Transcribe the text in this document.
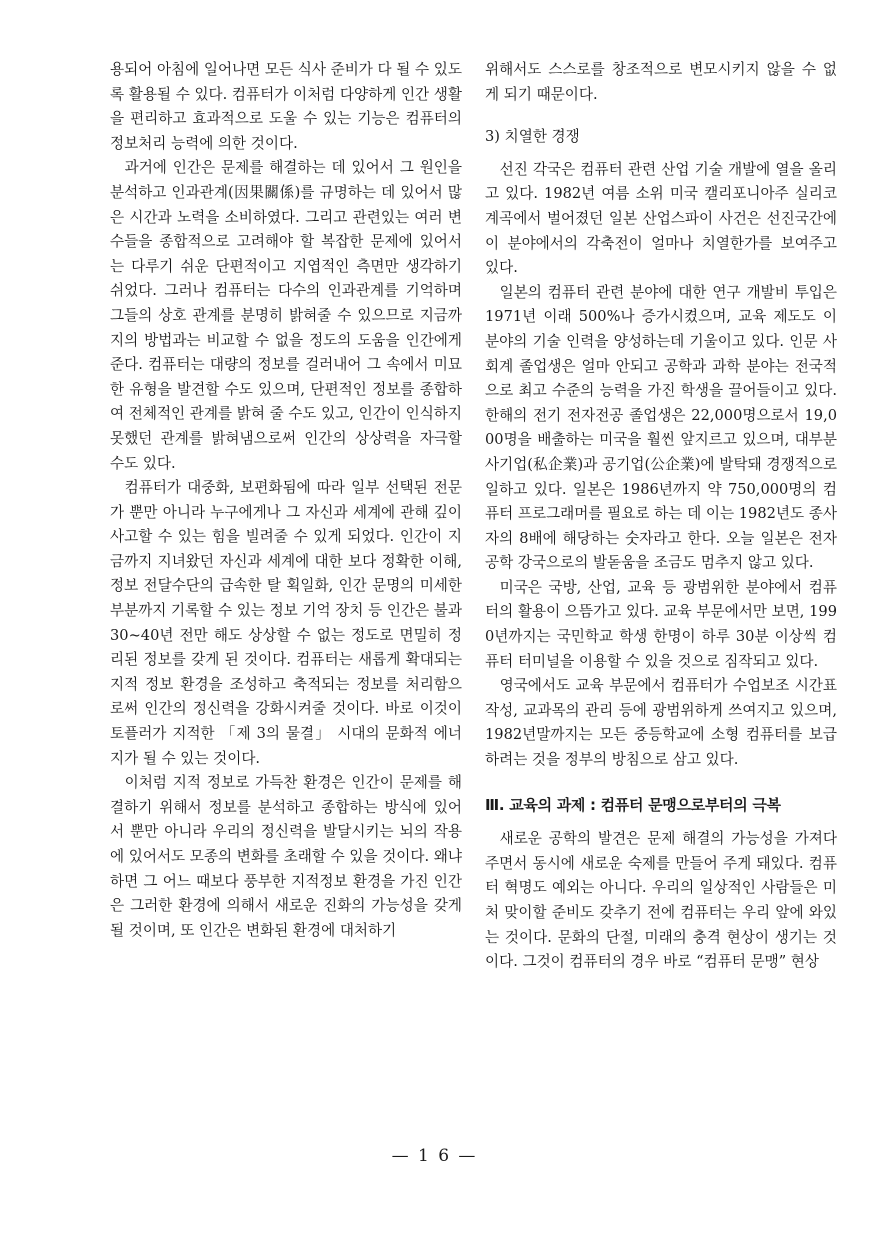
용되어 아침에 일어나면 모든 식사 준비가 다 될 수 있도록 활용될 수 있다. 컴퓨터가 이처럼 다양하게 인간 생활을 편리하고 효과적으로 도울 수 있는 기능은 컴퓨터의 정보처리 능력에 의한 것이다.

과거에 인간은 문제를 해결하는 데 있어서 그 원인을 분석하고 인과관계(因果關係)를 규명하는 데 있어서 많은 시간과 노력을 소비하였다. 그리고 관련있는 여러 변수들을 종합적으로 고려해야 할 복잡한 문제에 있어서는 다루기 쉬운 단편적이고 지엽적인 측면만 생각하기 쉬었다. 그러나 컴퓨터는 다수의 인과관계를 기억하며 그들의 상호 관계를 분명히 밝혀줄 수 있으므로 지금까지의 방법과는 비교할 수 없을 정도의 도움을 인간에게 준다. 컴퓨터는 대량의 정보를 걸러내어 그 속에서 미묘한 유형을 발견할 수도 있으며, 단편적인 정보를 종합하여 전체적인 관계를 밝혀 줄 수도 있고, 인간이 인식하지 못했던 관계를 밝혀냄으로써 인간의 상상력을 자극할 수도 있다.

컴퓨터가 대중화, 보편화됨에 따라 일부 선택된 전문가 뿐만 아니라 누구에게나 그 자신과 세계에 관해 깊이 사고할 수 있는 힘을 빌려줄 수 있게 되었다. 인간이 지금까지 지녀왔던 자신과 세계에 대한 보다 정확한 이해, 정보 전달수단의 급속한 탈 획일화, 인간 문명의 미세한 부분까지 기록할 수 있는 정보 기억 장치 등 인간은 불과 30~40년 전만 해도 상상할 수 없는 정도로 면밀히 정리된 정보를 갖게 된 것이다. 컴퓨터는 새롭게 확대되는 지적 정보 환경을 조성하고 축적되는 정보를 처리함으로써 인간의 정신력을 강화시켜줄 것이다. 바로 이것이 토플러가 지적한 「제 3의 물결」 시대의 문화적 에너지가 될 수 있는 것이다.

이처럼 지적 정보로 가득찬 환경은 인간이 문제를 해결하기 위해서 정보를 분석하고 종합하는 방식에 있어서 뿐만 아니라 우리의 정신력을 발달시키는 뇌의 작용에 있어서도 모종의 변화를 초래할 수 있을 것이다. 왜냐하면 그 어느 때보다 풍부한 지적정보 환경을 가진 인간은 그러한 환경에 의해서 새로운 진화의 가능성을 갖게 될 것이며, 또 인간은 변화된 환경에 대처하기

위해서도 스스로를 창조적으로 변모시키지 않을 수 없게 되기 때문이다.

3) 치열한 경쟁

선진 각국은 컴퓨터 관련 산업 기술 개발에 열을 올리고 있다. 1982년 여름 소위 미국 캘리포니아주 실리코 계곡에서 벌어졌던 일본 산업스파이 사건은 선진국간에 이 분야에서의 각축전이 얼마나 치열한가를 보여주고 있다.

일본의 컴퓨터 관련 분야에 대한 연구 개발비 투입은 1971년 이래 500%나 증가시켰으며, 교육 제도도 이 분야의 기술 인력을 양성하는데 기울이고 있다. 인문 사회계 졸업생은 얼마 안되고 공학과 과학 분야는 전국적으로 최고 수준의 능력을 가진 학생을 끌어들이고 있다. 한해의 전기 전자전공 졸업생은 22,000명으로서 19,000명을 배출하는 미국을 훨씬 앞지르고 있으며, 대부분 사기업(私企業)과 공기업(公企業)에 발탁돼 경쟁적으로 일하고 있다. 일본은 1986년까지 약 750,000명의 컴퓨터 프로그래머를 필요로 하는 데 이는 1982년도 종사자의 8배에 해당하는 숫자라고 한다. 오늘 일본은 전자공학 강국으로의 발돋움을 조금도 멈추지 않고 있다.

미국은 국방, 산업, 교육 등 광범위한 분야에서 컴퓨터의 활용이 으뜸가고 있다. 교육 부문에서만 보면, 1990년까지는 국민학교 학생 한명이 하루 30분 이상씩 컴퓨터 터미널을 이용할 수 있을 것으로 짐작되고 있다.

영국에서도 교육 부문에서 컴퓨터가 수업보조 시간표작성, 교과목의 관리 등에 광범위하게 쓰여지고 있으며, 1982년말까지는 모든 중등학교에 소형 컴퓨터를 보급하려는 것을 정부의 방침으로 삼고 있다.

Ⅲ. 교육의 과제 : 컴퓨터 문맹으로부터의 극복

새로운 공학의 발견은 문제 해결의 가능성을 가져다 주면서 동시에 새로운 숙제를 만들어 주게 돼있다. 컴퓨터 혁명도 예외는 아니다. 우리의 일상적인 사람들은 미처 맞이할 준비도 갖추기 전에 컴퓨터는 우리 앞에 와있는 것이다. 문화의 단절, 미래의 충격 현상이 생기는 것이다. 그것이 컴퓨터의 경우 바로 “컴퓨터 문맹” 현상

— 1 6 —
